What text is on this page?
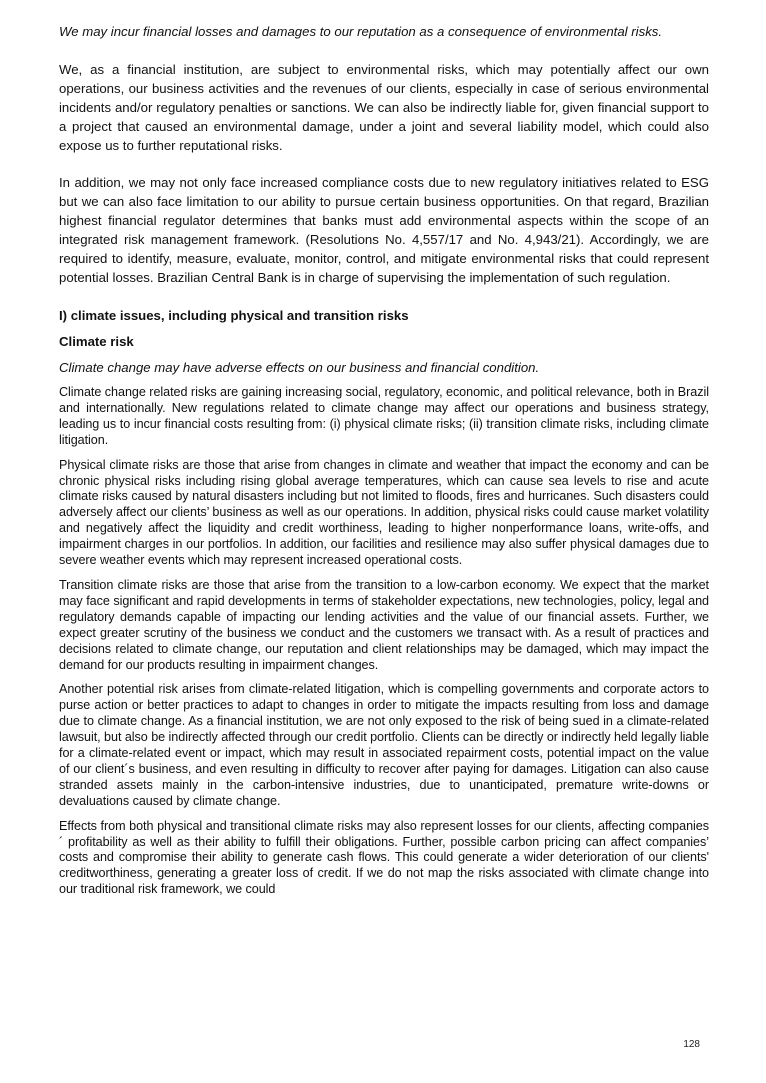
We may incur financial losses and damages to our reputation as a consequence of environmental risks.

We, as a financial institution, are subject to environmental risks, which may potentially affect our own operations, our business activities and the revenues of our clients, especially in case of serious environmental incidents and/or regulatory penalties or sanctions. We can also be indirectly liable for, given financial support to a project that caused an environmental damage, under a joint and several liability model, which could also expose us to further reputational risks.

In addition, we may not only face increased compliance costs due to new regulatory initiatives related to ESG but we can also face limitation to our ability to pursue certain business opportunities. On that regard, Brazilian highest financial regulator determines that banks must add environmental aspects within the scope of an integrated risk management framework. (Resolutions No. 4,557/17 and No. 4,943/21). Accordingly, we are required to identify, measure, evaluate, monitor, control, and mitigate environmental risks that could represent potential losses. Brazilian Central Bank is in charge of supervising the implementation of such regulation.

I) climate issues, including physical and transition risks

Climate risk

Climate change may have adverse effects on our business and financial condition.

Climate change related risks are gaining increasing social, regulatory, economic, and political relevance, both in Brazil and internationally. New regulations related to climate change may affect our operations and business strategy, leading us to incur financial costs resulting from: (i) physical climate risks; (ii) transition climate risks, including climate litigation.

Physical climate risks are those that arise from changes in climate and weather that impact the economy and can be chronic physical risks including rising global average temperatures, which can cause sea levels to rise and acute climate risks caused by natural disasters including but not limited to floods, fires and hurricanes. Such disasters could adversely affect our clients’ business as well as our operations. In addition, physical risks could cause market volatility and negatively affect the liquidity and credit worthiness, leading to higher nonperformance loans, write-offs, and impairment charges in our portfolios. In addition, our facilities and resilience may also suffer physical damages due to severe weather events which may represent increased operational costs.

Transition climate risks are those that arise from the transition to a low-carbon economy. We expect that the market may face significant and rapid developments in terms of stakeholder expectations, new technologies, policy, legal and regulatory demands capable of impacting our lending activities and the value of our financial assets. Further, we expect greater scrutiny of the business we conduct and the customers we transact with. As a result of practices and decisions related to climate change, our reputation and client relationships may be damaged, which may impact the demand for our products resulting in impairment changes.

Another potential risk arises from climate-related litigation, which is compelling governments and corporate actors to purse action or better practices to adapt to changes in order to mitigate the impacts resulting from loss and damage due to climate change. As a financial institution, we are not only exposed to the risk of being sued in a climate-related lawsuit, but also be indirectly affected through our credit portfolio. Clients can be directly or indirectly held legally liable for a climate-related event or impact, which may result in associated repairment costs, potential impact on the value of our client´s business, and even resulting in difficulty to recover after paying for damages. Litigation can also cause stranded assets mainly in the carbon-intensive industries, due to unanticipated, premature write-downs or devaluations caused by climate change.

Effects from both physical and transitional climate risks may also represent losses for our clients, affecting companies´ profitability as well as their ability to fulfill their obligations. Further, possible carbon pricing can affect companies’ costs and compromise their ability to generate cash flows. This could generate a wider deterioration of our clients' creditworthiness, generating a greater loss of credit. If we do not map the risks associated with climate change into our traditional risk framework, we could

128
